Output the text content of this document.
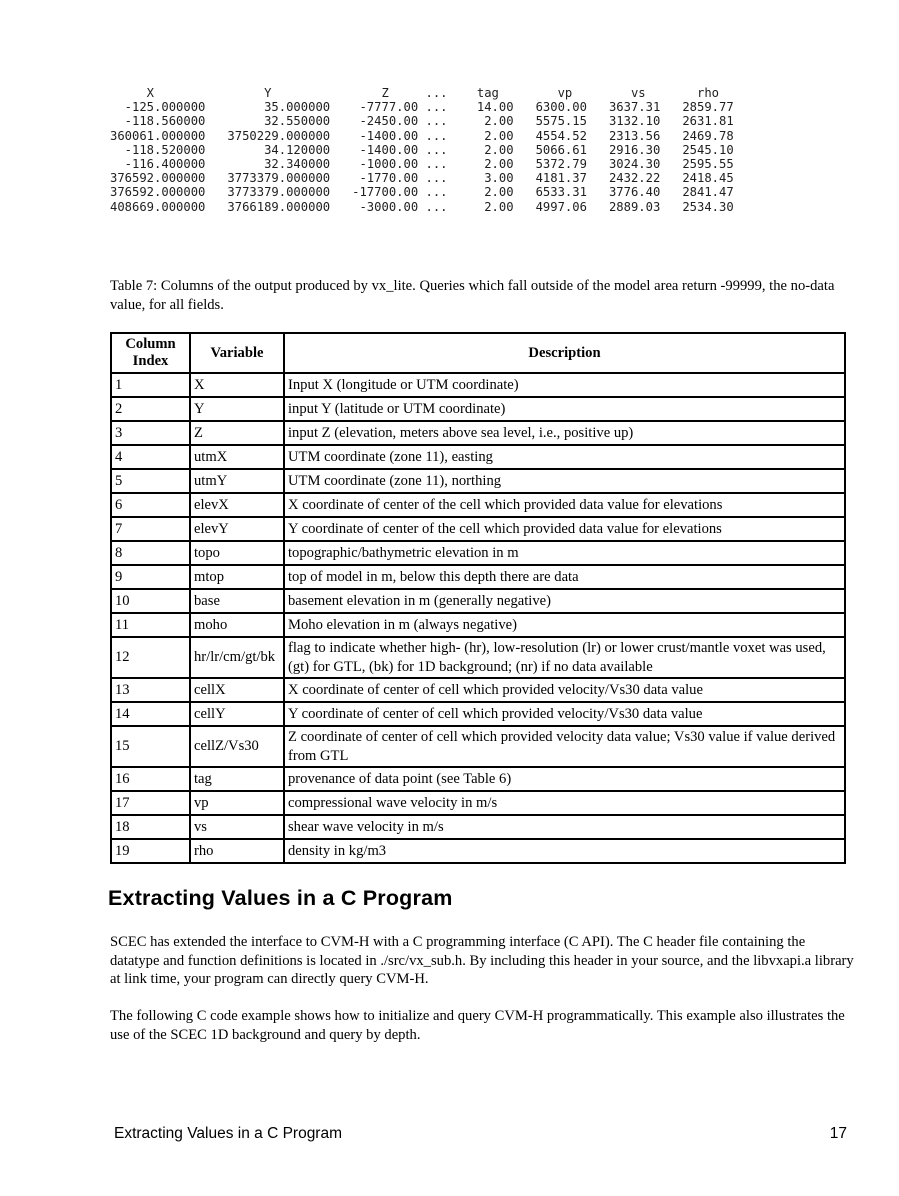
X               Y               Z     ...    tag        vp        vs       rho
-125.000000        35.000000    -7777.00 ...    14.00   6300.00   3637.31   2859.77
-118.560000        32.550000    -2450.00 ...     2.00   5575.15   3132.10   2631.81
360061.000000   3750229.000000    -1400.00 ...     2.00   4554.52   2313.56   2469.78
-118.520000        34.120000    -1400.00 ...     2.00   5066.61   2916.30   2545.10
-116.400000        32.340000    -1000.00 ...     2.00   5372.79   3024.30   2595.55
376592.000000   3773379.000000    -1770.00 ...     3.00   4181.37   2432.22   2418.45
376592.000000   3773379.000000   -17700.00 ...     2.00   6533.31   3776.40   2841.47
408669.000000   3766189.000000    -3000.00 ...     2.00   4997.06   2889.03   2534.30
Table 7: Columns of the output produced by vx_lite. Queries which fall outside of the model area return -99999, the no-data value, for all fields.
Column Index	Variable	Description
1	X	Input X (longitude or UTM coordinate)
2	Y	input Y (latitude or UTM coordinate)
3	Z	input Z (elevation, meters above sea level, i.e., positive up)
4	utmX	UTM coordinate (zone 11), easting
5	utmY	UTM coordinate (zone 11), northing
6	elevX	X coordinate of center of the cell which provided data value for elevations
7	elevY	Y coordinate of center of the cell which provided data value for elevations
8	topo	topographic/bathymetric elevation in m
9	mtop	top of model in m, below this depth there are data
10	base	basement elevation in m (generally negative)
11	moho	Moho elevation in m (always negative)
12	hr/lr/cm/gt/bk	flag to indicate whether high- (hr), low-resolution (lr) or lower crust/mantle voxet was used, (gt) for GTL, (bk) for 1D background; (nr) if no data available
13	cellX	X coordinate of center of cell which provided velocity/Vs30 data value
14	cellY	Y coordinate of center of cell which provided velocity/Vs30 data value
15	cellZ/Vs30	Z coordinate of center of cell which provided velocity data value; Vs30 value if value derived from GTL
16	tag	provenance of data point (see Table 6)
17	vp	compressional wave velocity in m/s
18	vs	shear wave velocity in m/s
19	rho	density in kg/m3
Extracting Values in a C Program

SCEC has extended the interface to CVM-H with a C programming interface (C API). The C header file containing the datatype and function definitions is located in ./src/vx_sub.h. By including this header in your source, and the libvxapi.a library at link time, your program can directly query CVM-H.

The following C code example shows how to initialize and query CVM-H programmatically. This example also illustrates the use of the SCEC 1D background and query by depth.

Extracting Values in a C Program	17
